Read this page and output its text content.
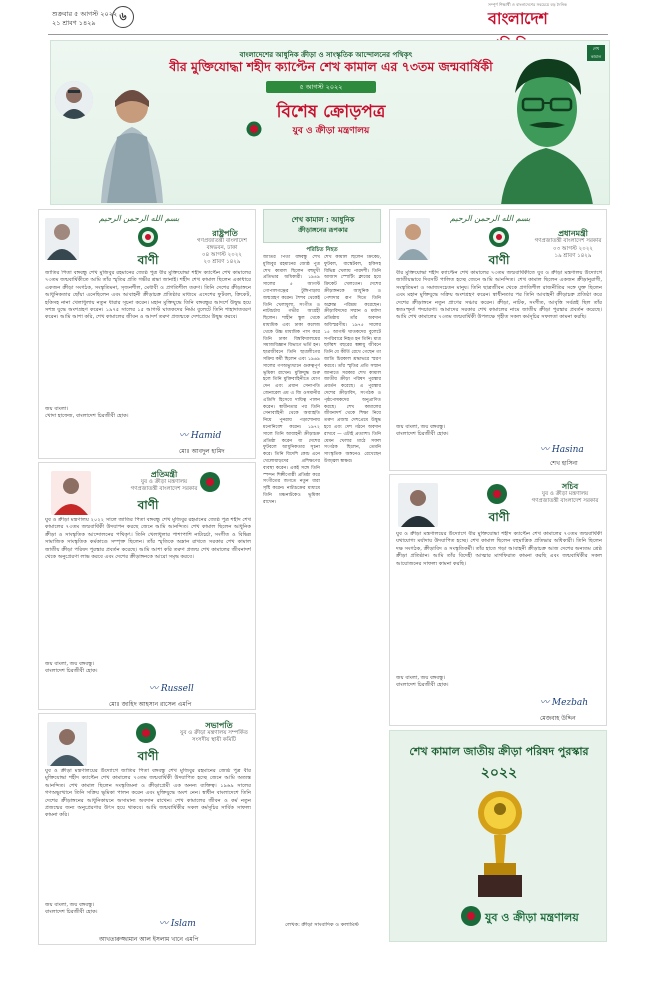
শুক্রবার ৫ আগস্ট ২০২২
২১ শ্রাবণ ১৪২৯	৬
সম্পূর্ণ শিক্ষার্থী ও বাংলাদেশের সবচেয়ে বড় দৈনিক
বাংলাদেশ
শেখ কামাল
বাংলাদেশের আধুনিক ক্রীড়া ও সাংস্কৃতিক আন্দোলনের পথিকৃৎ
বীর মুক্তিযোদ্ধা শহীদ ক্যাপ্টেন শেখ কামাল এর ৭৩তম জন্মবার্ষিকী
৫ আগস্ট ২০২২
বিশেষ ক্রোড়পত্র
যুব ও ক্রীড়া মন্ত্রণালয়
بسم الله الرحمن الرحيم
রাষ্ট্রপতি
গণপ্রজাতন্ত্রী বাংলাদেশ
বঙ্গভবন, ঢাকা
০৪ আগস্ট ২০২২
২০ শ্রাবণ ১৪২৯
বাণী
জাতির পিতা বঙ্গবন্ধু শেখ মুজিবুর রহমানের জ্যেষ্ঠ পুত্র বীর মুক্তিযোদ্ধা শহীদ ক্যাপ্টেন শেখ কামালের ৭৩তম জন্মবার্ষিকীতে আমি তাঁর স্মৃতির প্রতি গভীর শ্রদ্ধা জানাই। শহীদ শেখ কামাল ছিলেন একাধারে একজন ক্রীড়া সংগঠক, সংস্কৃতিমনা, সৃজনশীল, মেধাবী ও প্রগতিশীল তরুণ। তিনি দেশের ক্রীড়াঙ্গনে আধুনিকতার ছোঁয়া এনেছিলেন এবং আবাহনী ক্রীড়াচক্র প্রতিষ্ঠার মাধ্যমে এদেশের ফুটবল, ক্রিকেট, হকিসহ নানা খেলাধুলায় নতুন ধারার সূচনা করেন। মহান মুক্তিযুদ্ধে তিনি বঙ্গবন্ধুর আদর্শে উদ্বুদ্ধ হয়ে সশস্ত্র যুদ্ধে অংশগ্রহণ করেন। ১৯৭৫ সালের ১৫ আগস্ট ঘাতকদের নির্মম বুলেটে তিনি শাহাদাতবরণ করেন। আমি আশা করি, শেখ কামালের জীবন ও আদর্শ তরুণ প্রজন্মকে দেশপ্রেমে উদ্বুদ্ধ করবে।
জয় বাংলা।
খোদা হাফেজ, বাংলাদেশ চিরজীবী হোক।
〰 Hamid
মোঃ আবদুল হামিদ
প্রতিমন্ত্রী
যুব ও ক্রীড়া মন্ত্রণালয়
গণপ্রজাতন্ত্রী বাংলাদেশ সরকার
বাণী
যুব ও ক্রীড়া মন্ত্রণালয় ২০২২ সালে জাতির পিতা বঙ্গবন্ধু শেখ মুজিবুর রহমানের জ্যেষ্ঠ পুত্র শহীদ শেখ কামালের ৭৩তম জন্মবার্ষিকী উদযাপন করছে জেনে আমি আনন্দিত। শেখ কামাল ছিলেন আধুনিক ক্রীড়া ও সাংস্কৃতিক আন্দোলনের পথিকৃৎ। তিনি খেলাধুলার পাশাপাশি নাট্যচর্চা, সংগীত ও বিভিন্ন সামাজিক সাংস্কৃতিক কর্মকাণ্ডে সম্পৃক্ত ছিলেন। তাঁর স্মৃতিকে অম্লান রাখতে সরকার শেখ কামাল জাতীয় ক্রীড়া পরিষদ পুরস্কার প্রবর্তন করেছে। আমি আশা করি তরুণ প্রজন্ম শেখ কামালের জীবনাদর্শ থেকে অনুপ্রেরণা লাভ করবে এবং দেশের ক্রীড়াঙ্গনকে আরো সমৃদ্ধ করবে।
জয় বাংলা, জয় বঙ্গবন্ধু।
বাংলাদেশ চিরজীবী হোক।
〰 Russell
মোঃ জাহিদ আহসান রাসেল এমপি
সভাপতি
যুব ও ক্রীড়া মন্ত্রণালয় সম্পর্কিত
সংসদীয় স্থায়ী কমিটি
বাণী
যুব ও ক্রীড়া মন্ত্রণালয়ের উদ্যোগে জাতির পিতা বঙ্গবন্ধু শেখ মুজিবুর রহমানের জ্যেষ্ঠ পুত্র বীর মুক্তিযোদ্ধা শহীদ ক্যাপ্টেন শেখ কামালের ৭৩তম জন্মবার্ষিকী উদযাপিত হচ্ছে জেনে আমি অত্যন্ত আনন্দিত। শেখ কামাল ছিলেন সংস্কৃতিমনা ও ক্রীড়াপ্রেমী এক অনন্য ব্যক্তিত্ব। ১৯৬৯ সালের গণঅভ্যুত্থানে তিনি সক্রিয় ভূমিকা পালন করেন এবং মুক্তিযুদ্ধে অংশ নেন। স্বাধীন বাংলাদেশে তিনি দেশের ক্রীড়াঙ্গনের আধুনিকায়নে অসামান্য অবদান রাখেন। শেখ কামালের জীবন ও কর্ম নতুন প্রজন্মের জন্য অনুপ্রেরণার উৎস হয়ে থাকবে। আমি জন্মবার্ষিকীর সকল কর্মসূচির সার্বিক সাফল্য কামনা করি।
জয় বাংলা, জয় বঙ্গবন্ধু।
বাংলাদেশ চিরজীবী হোক।
〰 Islam
আখতারুজ্জামান আল ইসলাম খানে এমপি
শেখ কামাল : আধুনিক
ক্রীড়াঙ্গনের রূপকার
পরিচিত নিহত
জাতির পিতা বঙ্গবন্ধু শেখ মুজিবুর রহমানের জ্যেষ্ঠ পুত্র শেখ কামাল ছিলেন বহুমুখী প্রতিভার অধিকারী। ১৯৪৯ সালের ৫ আগস্ট গোপালগঞ্জের টুঙ্গিপাড়ায় জন্মগ্রহণ করেন। শৈশব থেকেই তিনি খেলাধুলা, সংগীত ও নাট্যচর্চায় গভীর আগ্রহী ছিলেন। শাহীন স্কুল থেকে মাধ্যমিক এবং ঢাকা কলেজ থেকে উচ্চ মাধ্যমিক পাস করে তিনি ঢাকা বিশ্ববিদ্যালয়ের সমাজবিজ্ঞান বিভাগে ভর্তি হন। ছাত্রজীবনে তিনি ছাত্রলীগের সক্রিয় কর্মী ছিলেন এবং ১৯৬৯ সালের গণঅভ্যুত্থানে গুরুত্বপূর্ণ ভূমিকা রাখেন। মুক্তিযুদ্ধ শুরু হলে তিনি মুক্তিবাহিনীতে যোগ দেন এবং প্রধান সেনাপতি জেনারেল এম এ জি ওসমানীর এডিসি হিসেবে দায়িত্ব পালন করেন। স্বাধীনতার পর তিনি সেনাবাহিনী থেকে অব্যাহতি নিয়ে পুনরায় পড়াশোনায় মনোনিবেশ করেন। ১৯৭২ সালে তিনি আবাহনী ক্রীড়াচক্র প্রতিষ্ঠা করেন যা দেশের ফুটবলে আধুনিকতার সূচনা করে। তিনি বিদেশি কোচ এনে খেলোয়াড়দের প্রশিক্ষণের ব্যবস্থা করেন। একই সঙ্গে তিনি স্পন্দন শিল্পীগোষ্ঠী প্রতিষ্ঠা করে সংগীতের জগতে নতুন ধারা সৃষ্টি করেন। নাট্যচক্রের মাধ্যমে তিনি মঞ্চনাটকেও ভূমিকা রাখেন।
শেখ কামাল ছিলেন ক্রিকেট, ফুটবল, বাস্কেটবল, হকিসহ বিভিন্ন খেলায় পারদর্শী। তিনি আজাদ স্পোর্টিং ক্লাবের হয়ে ক্রিকেট খেলতেন। দেশের ক্রীড়াঙ্গনকে আধুনিক ও পেশাদার রূপ দিতে তিনি অক্লান্ত পরিশ্রম করেছেন। ক্রীড়াবিদদের সম্মান ও মর্যাদা প্রতিষ্ঠায় তাঁর অবদান অবিস্মরণীয়। ১৯৭৫ সালের ১৫ আগস্ট ঘাতকদের বুলেটে সপরিবারে নিহত হন তিনি। মাত্র ছাব্বিশ বছরের স্বল্পায়ু জীবনে তিনি যে কীর্তি রেখে গেছেন তা জাতি চিরকাল শ্রদ্ধাভরে স্মরণ করবে। তাঁর স্মৃতির প্রতি সম্মান জানাতে সরকার শেখ কামাল জাতীয় ক্রীড়া পরিষদ পুরস্কার প্রবর্তন করেছে। এ পুরস্কার দেশের ক্রীড়াবিদ, সংগঠক ও পৃষ্ঠপোষকদের অনুপ্রাণিত করছে। শেখ কামালের জীবনাদর্শ থেকে শিক্ষা নিয়ে তরুণ প্রজন্ম দেশপ্রেমে উদ্বুদ্ধ হবে এবং দেশ গঠনে অবদান রাখবে — এটাই প্রত্যাশা। তিনি যেমন খেলার মাঠে সফল সংগঠক ছিলেন, তেমনি সাংস্কৃতিক অঙ্গনেও রেখেছেন উজ্জ্বল স্বাক্ষর।
লেখক: ক্রীড়া সাংবাদিক ও কলামিস্ট
بسم الله الرحمن الرحيم
প্রধানমন্ত্রী
গণপ্রজাতন্ত্রী বাংলাদেশ সরকার
০৩ আগস্ট ২০২২
১৯ শ্রাবণ ১৪২৯
বাণী
বীর মুক্তিযোদ্ধা শহীদ ক্যাপ্টেন শেখ কামালের ৭৩তম জন্মবার্ষিকীতে যুব ও ক্রীড়া মন্ত্রণালয় উদ্যোগে জাতীয়ভাবে দিবসটি পালিত হচ্ছে জেনে আমি আনন্দিত। শেখ কামাল ছিলেন একজন ক্রীড়ানুরাগী, সংস্কৃতিমনা ও সমাজসচেতন মানুষ। তিনি ছাত্রজীবন থেকে প্রগতিশীল রাজনীতির সঙ্গে যুক্ত ছিলেন এবং মহান মুক্তিযুদ্ধে সক্রিয় অংশগ্রহণ করেন। স্বাধীনতার পর তিনি আবাহনী ক্রীড়াচক্র প্রতিষ্ঠা করে দেশের ক্রীড়াঙ্গনে নতুন প্রাণের সঞ্চার করেন। ক্রীড়া, নাটক, সংগীত, আবৃত্তি সর্বত্রই ছিল তাঁর স্বতঃস্ফূর্ত পদচারণা। আমাদের সরকার শেখ কামালের নামে জাতীয় ক্রীড়া পুরস্কার প্রবর্তন করেছে। আমি শেখ কামালের ৭৩তম জন্মবার্ষিকী উপলক্ষে গৃহীত সকল কর্মসূচির সফলতা কামনা করছি।
জয় বাংলা, জয় বঙ্গবন্ধু।
বাংলাদেশ চিরজীবী হোক।
〰 Hasina
শেখ হাসিনা
সচিব
যুব ও ক্রীড়া মন্ত্রণালয়
গণপ্রজাতন্ত্রী বাংলাদেশ সরকার
বাণী
যুব ও ক্রীড়া মন্ত্রণালয়ের উদ্যোগে বীর মুক্তিযোদ্ধা শহীদ ক্যাপ্টেন শেখ কামালের ৭৩তম জন্মবার্ষিকী যথাযোগ্য মর্যাদায় উদযাপিত হচ্ছে। শেখ কামাল ছিলেন বহুমাত্রিক প্রতিভার অধিকারী। তিনি ছিলেন দক্ষ সংগঠক, ক্রীড়াবিদ ও সংস্কৃতিকর্মী। তাঁর হাতে গড়া আবাহনী ক্রীড়াচক্র আজ দেশের অন্যতম শ্রেষ্ঠ ক্রীড়া প্রতিষ্ঠান। আমি তাঁর বিদেহী আত্মার মাগফিরাত কামনা করছি এবং জন্মবার্ষিকীর সকল আয়োজনের সাফল্য কামনা করছি।
জয় বাংলা, জয় বঙ্গবন্ধু।
বাংলাদেশ চিরজীবী হোক।
〰 Mezbah
মেজবাহ উদ্দিন
শেখ কামাল জাতীয় ক্রীড়া পরিষদ পুরস্কার
২০২২
যুব ও ক্রীড়া মন্ত্রণালয়
